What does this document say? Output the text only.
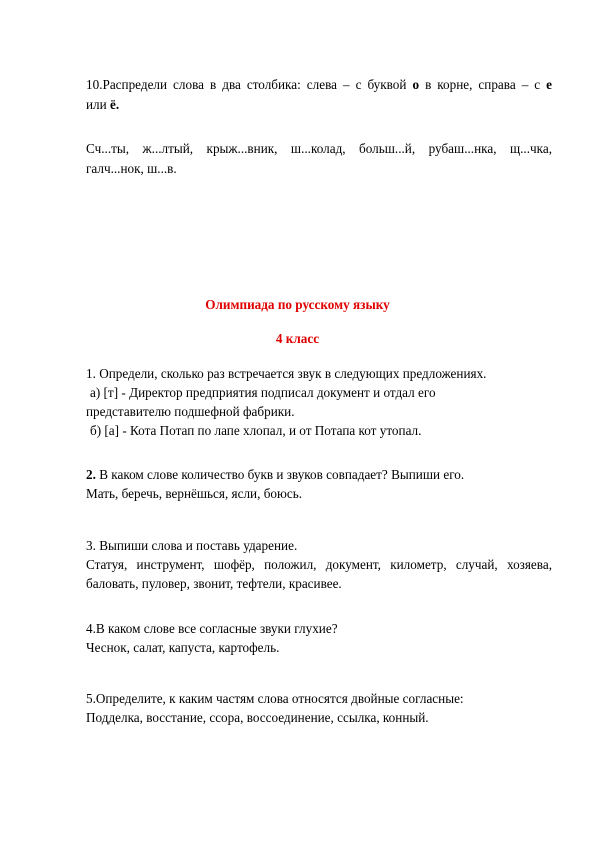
10.Распредели слова в два столбика: слева – с буквой о в корне, справа – с е
или ё.
Сч...ты, ж...лтый, крыж...вник, ш...колад, больш...й, рубаш...нка, щ...чка,
галч...нок, ш...в.
Олимпиада по русскому языку
4 класс
1. Определи, сколько раз встречается звук в следующих предложениях.
а) [т] - Директор предприятия подписал документ и отдал его
представителю подшефной фабрики.
б) [а] - Кота Потап по лапе хлопал, и от Потапа кот утопал.
2. В каком слове количество букв и звуков совпадает? Выпиши его.
Мать, беречь, вернёшься, ясли, боюсь.
3. Выпиши слова и поставь ударение.
Статуя, инструмент, шофёр, положил, документ, километр, случай, хозяева,
баловать, пуловер, звонит, тефтели, красивее.
4.В каком слове все согласные звуки глухие?
Чеснок, салат, капуста, картофель.
5.Определите, к каким частям слова относятся двойные согласные:
Подделка, восстание, ссора, воссоединение, ссылка, конный.
